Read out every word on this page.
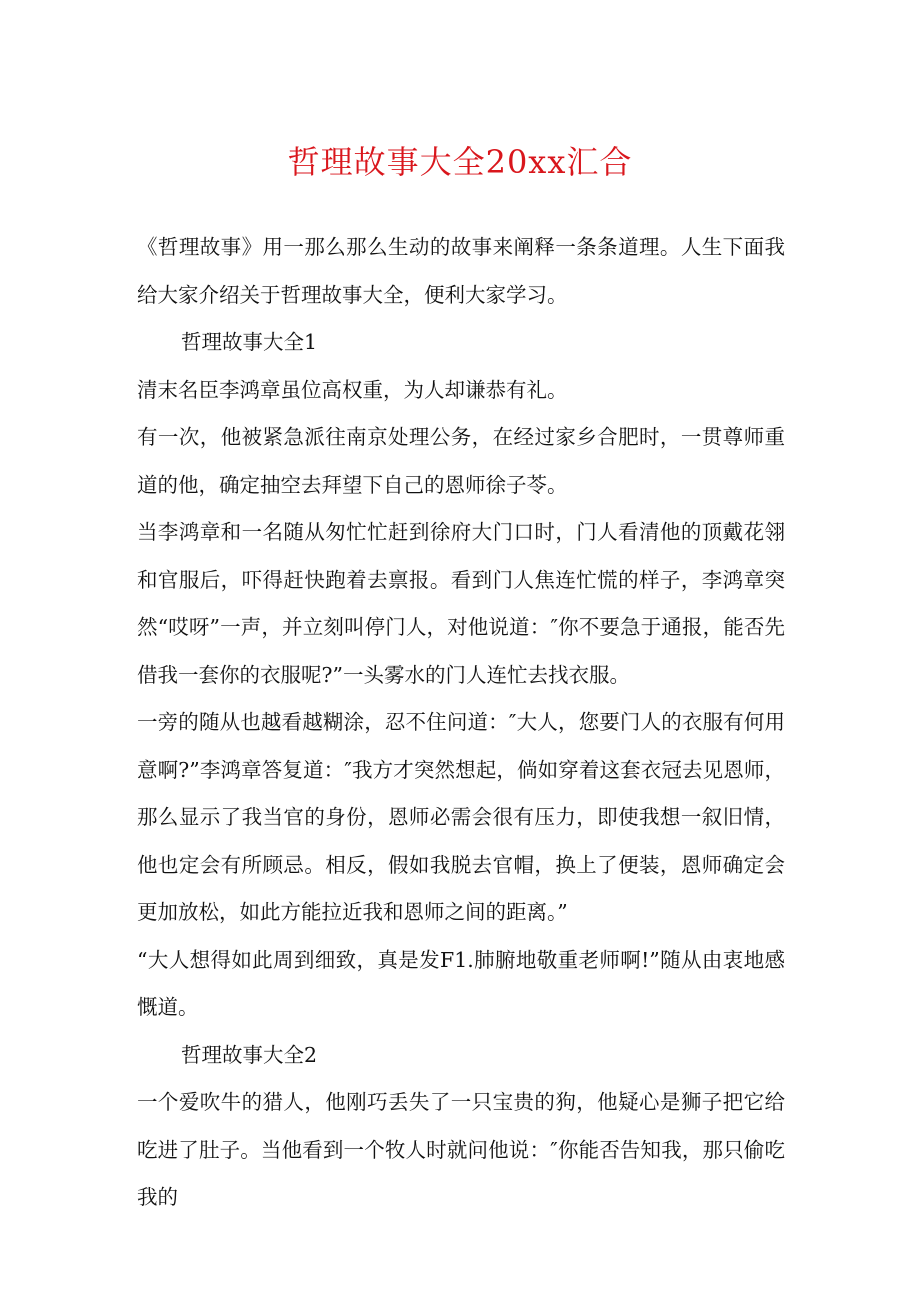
哲理故事大全20xx汇合

《哲理故事》用一那么那么生动的故事来阐释一条条道理。人生下面我给大家介绍关于哲理故事大全，便利大家学习。

哲理故事大全1

清末名臣李鸿章虽位高权重，为人却谦恭有礼。

有一次，他被紧急派往南京处理公务，在经过家乡合肥时，一贯尊师重道的他，确定抽空去拜望下自己的恩师徐子苓。

当李鸿章和一名随从匆忙忙赶到徐府大门口时，门人看清他的顶戴花翎和官服后，吓得赶快跑着去禀报。看到门人焦连忙慌的样子，李鸿章突然“哎呀”一声，并立刻叫停门人，对他说道：″你不要急于通报，能否先借我一套你的衣服呢?”一头雾水的门人连忙去找衣服。

一旁的随从也越看越糊涂，忍不住问道：″大人，您要门人的衣服有何用意啊?”李鸿章答复道：″我方才突然想起，倘如穿着这套衣冠去见恩师，那么显示了我当官的身份，恩师必需会很有压力，即使我想一叙旧情，他也定会有所顾忌。相反，假如我脱去官帽，换上了便装，恩师确定会更加放松，如此方能拉近我和恩师之间的距离。”

“大人想得如此周到细致，真是发F1.肺腑地敬重老师啊!”随从由衷地感慨道。

哲理故事大全2

一个爱吹牛的猎人，他刚巧丢失了一只宝贵的狗，他疑心是狮子把它给吃进了肚子。当他看到一个牧人时就问他说：″你能否告知我，那只偷吃我的
